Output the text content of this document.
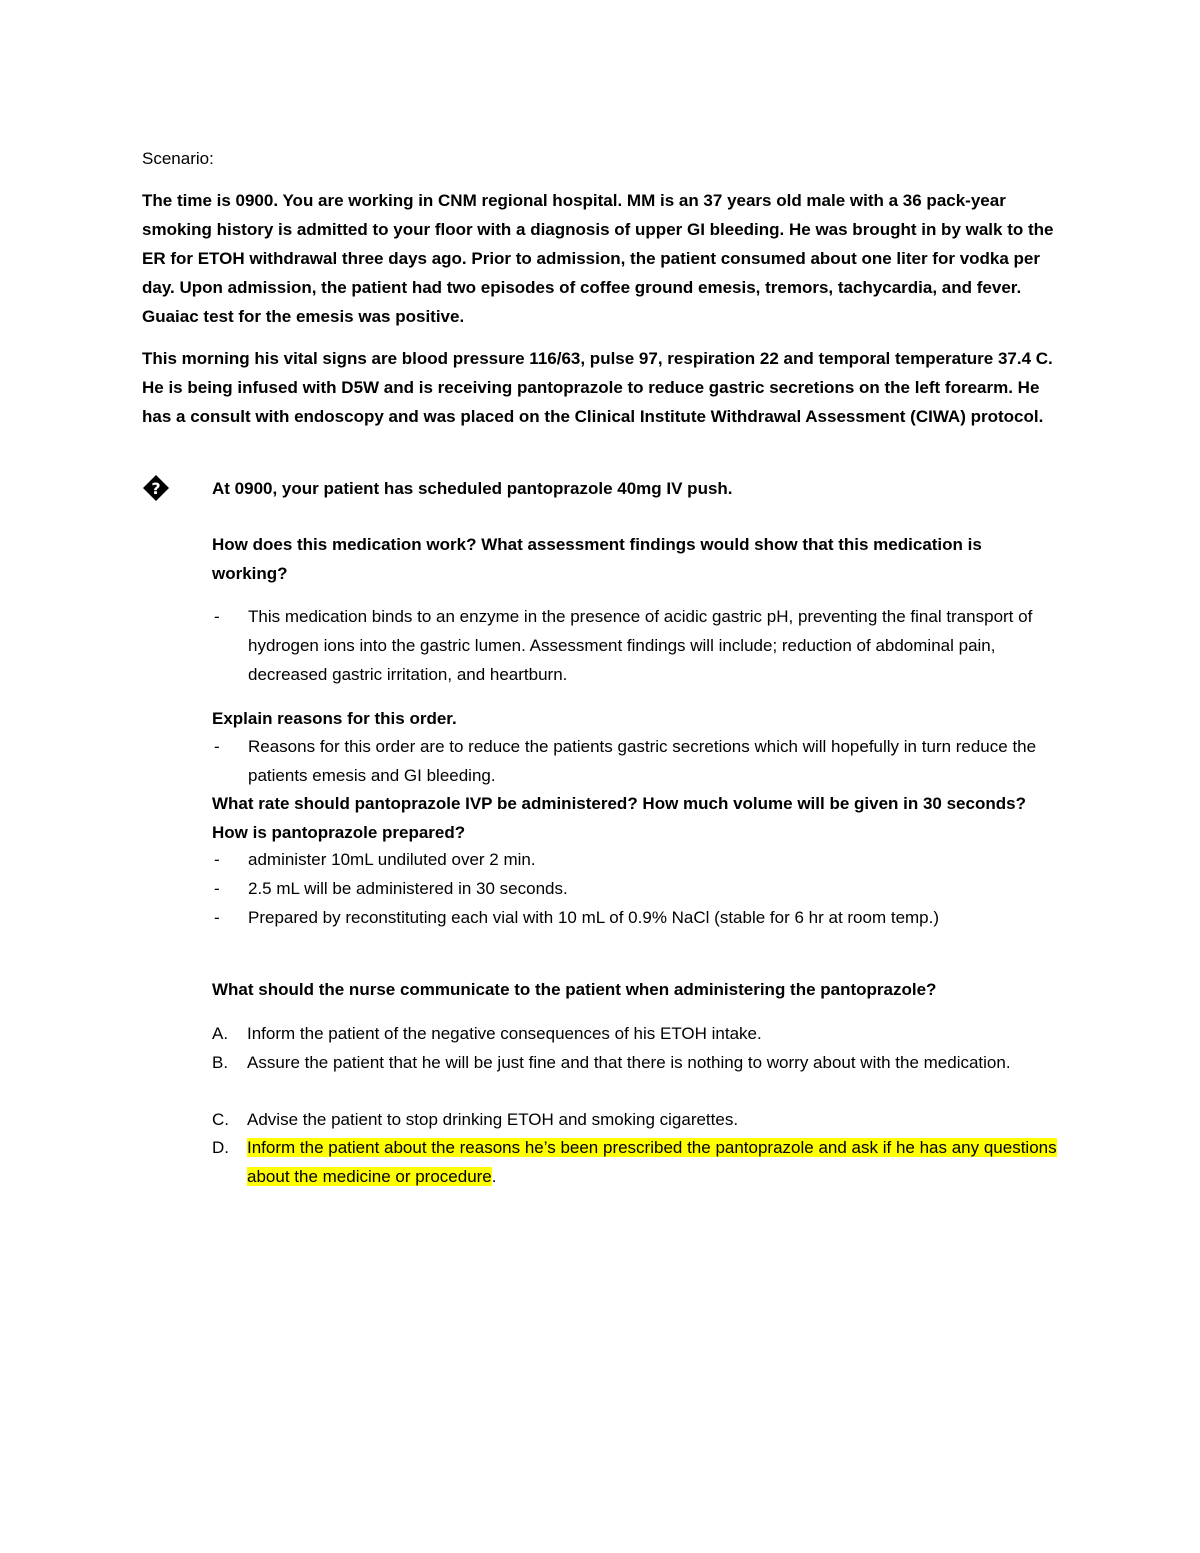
Scenario:
The time is 0900. You are working in CNM regional hospital. MM is an 37 years old male with a 36 pack-year smoking history is admitted to your floor with a diagnosis of upper GI bleeding. He was brought in by walk to the ER for ETOH withdrawal three days ago. Prior to admission, the patient consumed about one liter for vodka per day. Upon admission, the patient had two episodes of coffee ground emesis, tremors, tachycardia, and fever. Guaiac test for the emesis was positive.
This morning his vital signs are blood pressure 116/63, pulse 97, respiration 22 and temporal temperature 37.4 C. He is being infused with D5W and is receiving pantoprazole to reduce gastric secretions on the left forearm. He has a consult with endoscopy and was placed on the Clinical Institute Withdrawal Assessment (CIWA) protocol.
?	At 0900, your patient has scheduled pantoprazole 40mg IV push.
How does this medication work? What assessment findings would show that this medication is working?
- This medication binds to an enzyme in the presence of acidic gastric pH, preventing the final transport of hydrogen ions into the gastric lumen. Assessment findings will include; reduction of abdominal pain, decreased gastric irritation, and heartburn.
Explain reasons for this order.
- Reasons for this order are to reduce the patients gastric secretions which will hopefully in turn reduce the patients emesis and GI bleeding.
What rate should pantoprazole IVP be administered? How much volume will be given in 30 seconds? How is pantoprazole prepared?
- administer 10mL undiluted over 2 min.
- 2.5 mL will be administered in 30 seconds.
- Prepared by reconstituting each vial with 10 mL of 0.9% NaCl (stable for 6 hr at room temp.)
What should the nurse communicate to the patient when administering the pantoprazole?
A.	Inform the patient of the negative consequences of his ETOH intake.
B.	Assure the patient that he will be just fine and that there is nothing to worry about with the medication.
C.	Advise the patient to stop drinking ETOH and smoking cigarettes.
D.	Inform the patient about the reasons he’s been prescribed the pantoprazole and ask if he has any questions about the medicine or procedure.
